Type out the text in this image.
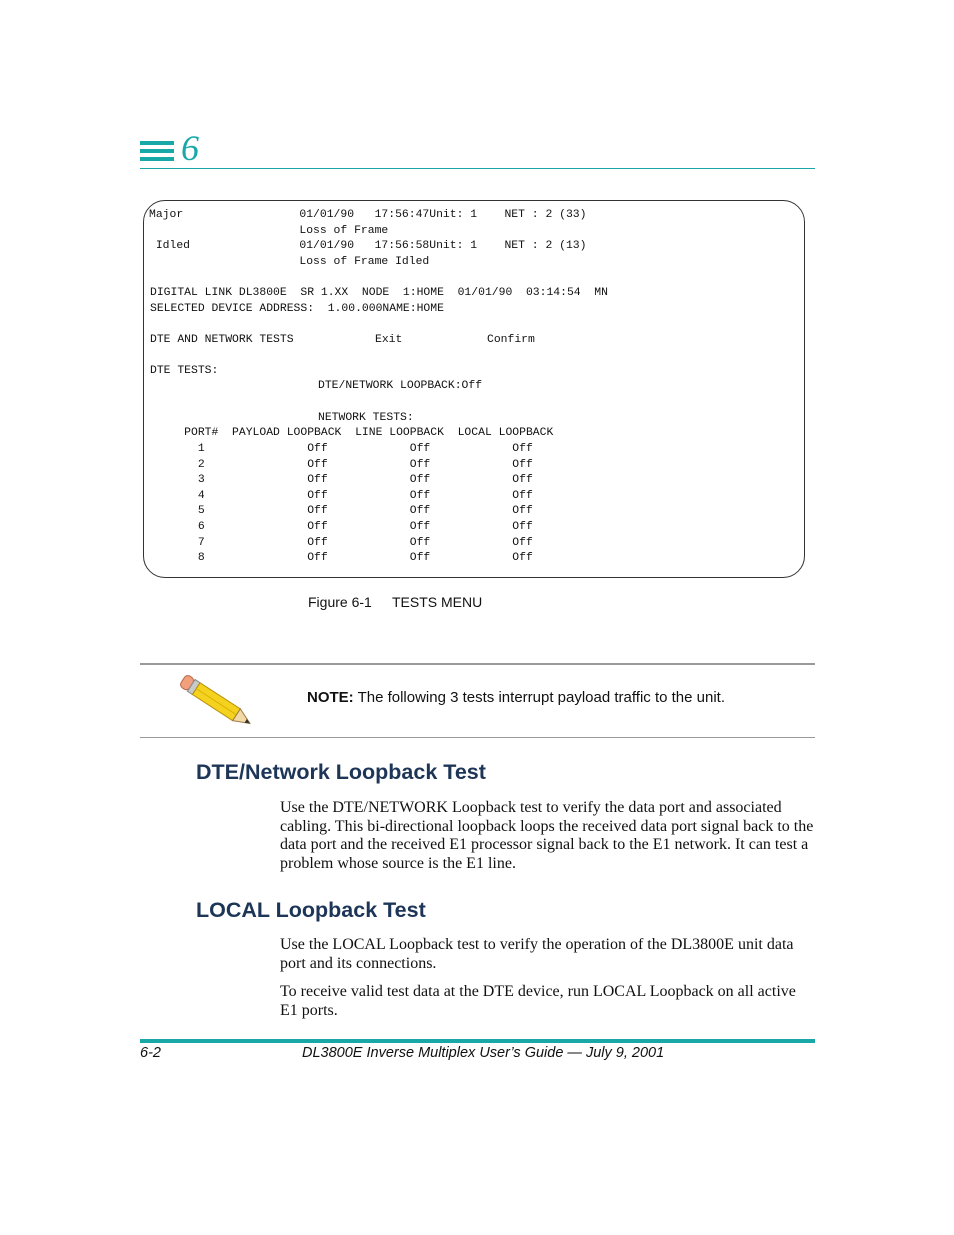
6
Major                 01/01/90   17:56:47Unit: 1    NET : 2 (33)
Loss of Frame
Idled                01/01/90   17:56:58Unit: 1    NET : 2 (13)
Loss of Frame Idled
DIGITAL LINK DL3800E  SR 1.XX  NODE  1:HOME  01/01/90  03:14:54  MN
SELECTED DEVICE ADDRESS:  1.00.000NAME:HOME
DTE AND NETWORK TESTS	Exit	Confirm
DTE TESTS:
DTE/NETWORK LOOPBACK:Off
NETWORK TESTS:
PORT#  PAYLOAD LOOPBACK  LINE LOOPBACK  LOCAL LOOPBACK
1               Off            Off            Off
2               Off            Off            Off
3               Off            Off            Off
4               Off            Off            Off
5               Off            Off            Off
6               Off            Off            Off
7               Off            Off            Off
8               Off            Off            Off
Figure 6-1 TESTS MENU
NOTE: The following 3 tests interrupt payload traffic to the unit.
DTE/Network Loopback Test

Use the DTE/NETWORK Loopback test to verify the data port and associated cabling. This bi-directional loopback loops the received data port signal back to the data port and the received E1 processor signal back to the E1 network. It can test a problem whose source is the E1 line.

LOCAL Loopback Test

Use the LOCAL Loopback test to verify the operation of the DL3800E unit data port and its connections.

To receive valid test data at the DTE device, run LOCAL Loopback on all active E1 ports.

6-2	DL3800E Inverse Multiplex User’s Guide — July 9, 2001
